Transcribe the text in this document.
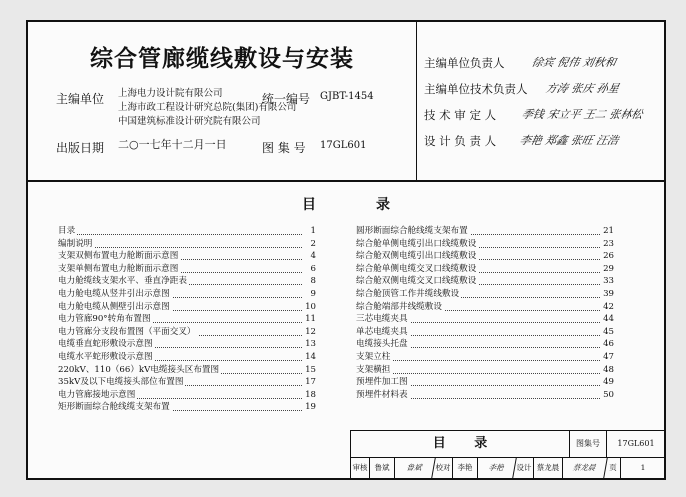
综合管廊缆线敷设与安装
主编单位 上海电力设计院有限公司
上海市政工程设计研究总院(集团)有限公司
中国建筑标准设计研究院有限公司
统一编号 GJBT-1454
出版日期 二○一七年十二月一日	图 集 号 17GL601
主编单位负责人 徐宾 倪伟 刘秋和
主编单位技术负责人 方涛 张庆 孙星
技 术 审 定 人 季钱 宋立平 王二 张林松
设 计 负 责 人 李艳 郑鑫 张旺 汪浩
目	录
目录	1
编制说明	2
支架双侧布置电力舱断面示意图	4
支架单侧布置电力舱断面示意图	6
电力舱缆线支架水平、垂直净距表	8
电力舱电缆从竖井引出示意图	9
电力舱电缆从侧壁引出示意图	10
电力管廊90°转角布置图	11
电力管廊分支段布置图（平面交叉）	12
电缆垂直蛇形敷设示意图	13
电缆水平蛇形敷设示意图	14
220kV、110（66）kV电缆接头区布置图	15
35kV及以下电缆接头部位布置图	17
电力管廊接地示意图	18
矩形断面综合舱线缆支架布置	19
圆形断面综合舱线缆支架布置	21
综合舱单侧电缆引出口线缆敷设	23
综合舱双侧电缆引出口线缆敷设	26
综合舱单侧电缆交叉口线缆敷设	29
综合舱双侧电缆交叉口线缆敷设	33
综合舱顶管工作井缆线敷设	39
综合舱端部井线缆敷设	42
三芯电缆夹具	44
单芯电缆夹具	45
电缆接头托盘	46
支架立柱	47
支架横担	48
预埋件加工图	49
预埋件材料表	50
目 录	图集号	17GL601
审核 鲁斌	鲁斌	校对 李艳	李艳	设计 蔡龙晨	蔡龙晨	页	1
